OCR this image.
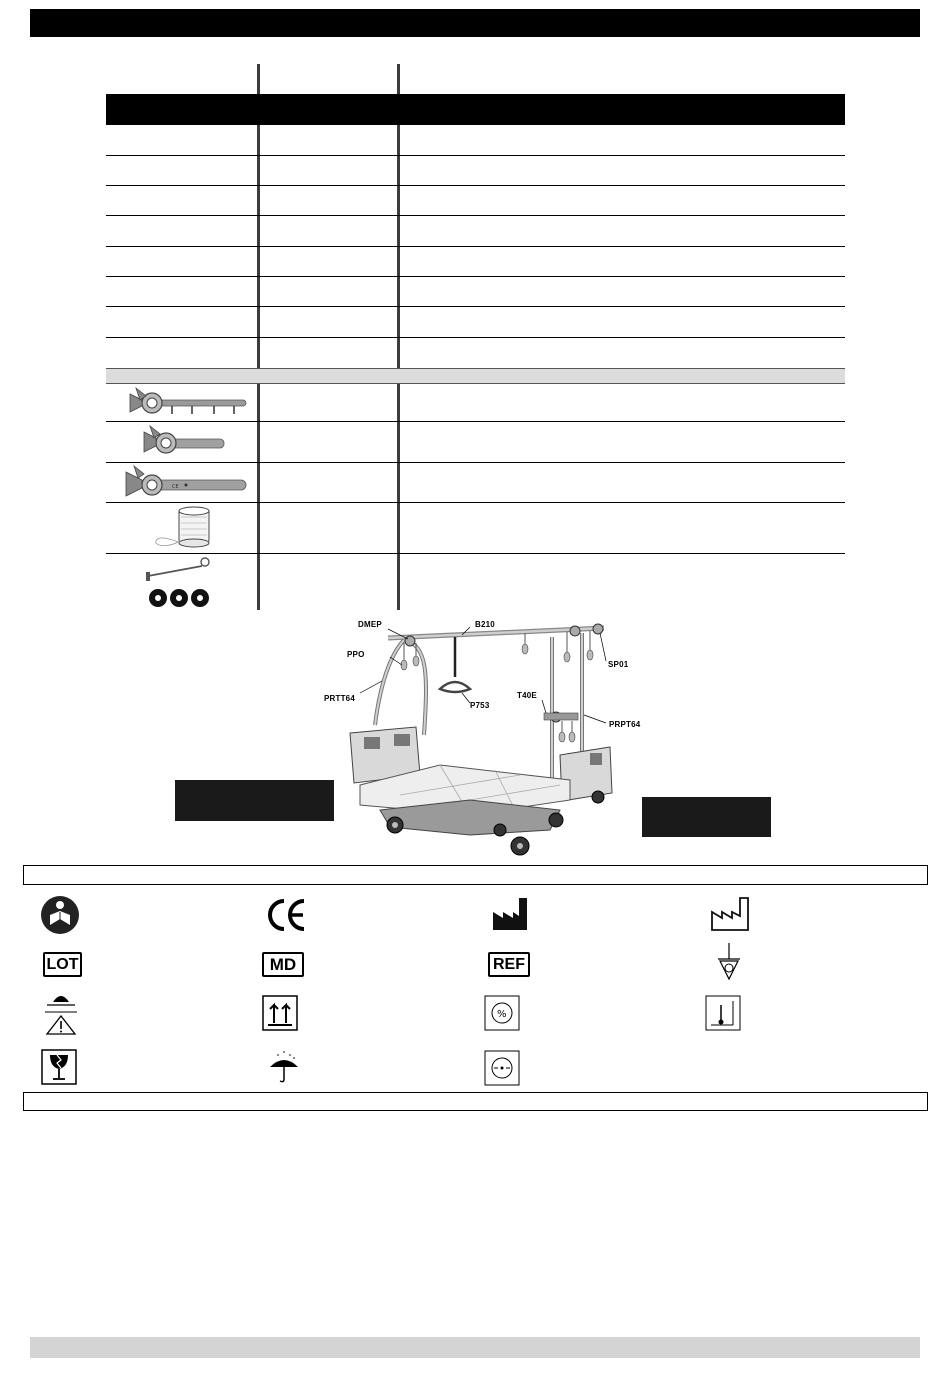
CE
DMEP	B210
PPO
SP01
PRTT64
P753
T40E
PRPT64
LOT	MD	REF
%
